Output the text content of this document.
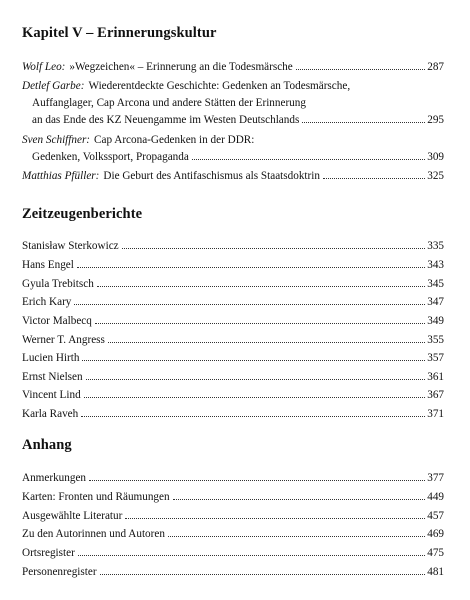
Kapitel V – Erinnerungskultur
Wolf Leo: »Wegzeichen« – Erinnerung an die Todesmärsche	287
Detlef Garbe: Wiederentdeckte Geschichte: Gedenken an Todesmärsche,
Auffanglager, Cap Arcona und andere Stätten der Erinnerung
an das Ende des KZ Neuengamme im Westen Deutschlands	295
Sven Schiffner: Cap Arcona-Gedenken in der DDR:
Gedenken, Volkssport, Propaganda	309
Matthias Pfüller: Die Geburt des Antifaschismus als Staatsdoktrin	325
Zeitzeugenberichte
Stanisław Sterkowicz	335
Hans Engel	343
Gyula Trebitsch	345
Erich Kary	347
Victor Malbecq	349
Werner T. Angress	355
Lucien Hirth	357
Ernst Nielsen	361
Vincent Lind	367
Karla Raveh	371
Anhang
Anmerkungen	377
Karten: Fronten und Räumungen	449
Ausgewählte Literatur	457
Zu den Autorinnen und Autoren	469
Ortsregister	475
Personenregister	481
